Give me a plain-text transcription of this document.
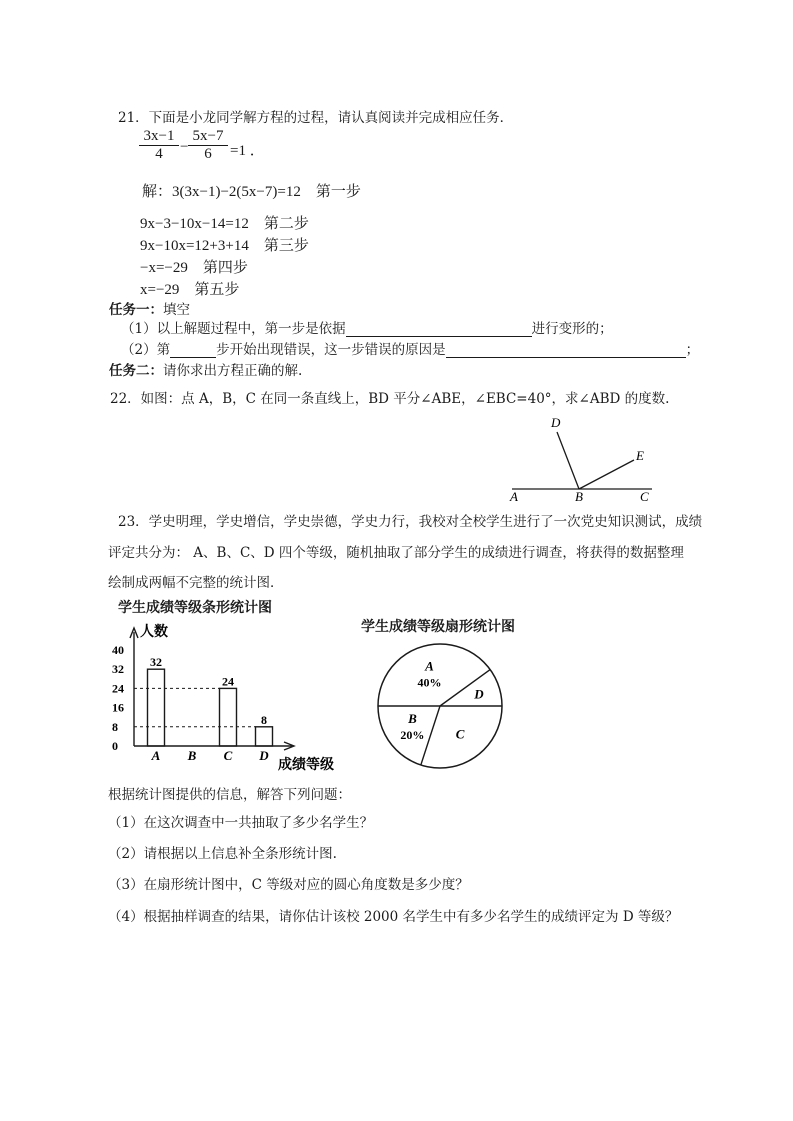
21．下面是小龙同学解方程的过程，请认真阅读并完成相应任务．
$\frac{3x-1}{4} - \frac{5x-7}{6} =1$ ．
解：3(3x−1)−2(5x−7)=12　第一步
9x−3−10x−14=12　第二步
9x−10x=12+3+14　第三步
−x=−29　第四步
x=−29　第五步
任务一：填空
（1）以上解题过程中，第一步是依据	进行变形的；
（2）第	步开始出现错误，这一步错误的原因是	；
任务二：请你求出方程正确的解.
22．如图：点 A，B，C 在同一条直线上，BD 平分∠ABE，∠EBC=40°，求∠ABD 的度数.
A	B	C
D
E
23．学史明理，学史增信，学史崇德，学史力行，我校对全校学生进行了一次党史知识测试，成绩
评定共分为： A、B、C、D 四个等级，随机抽取了部分学生的成绩进行调查，将获得的数据整理
绘制成两幅不完整的统计图．
学生成绩等级条形统计图
人数
成绩等级
0
8
16
24
32
40
32
A B
24
C
8
D
学生成绩等级扇形统计图
A
40%
D
C
B
20%
根据统计图提供的信息，解答下列问题：
（1）在这次调查中一共抽取了多少名学生？
（2）请根据以上信息补全条形统计图.
（3）在扇形统计图中，C 等级对应的圆心角度数是多少度？
（4）根据抽样调查的结果，请你估计该校 2000 名学生中有多少名学生的成绩评定为 D 等级？
